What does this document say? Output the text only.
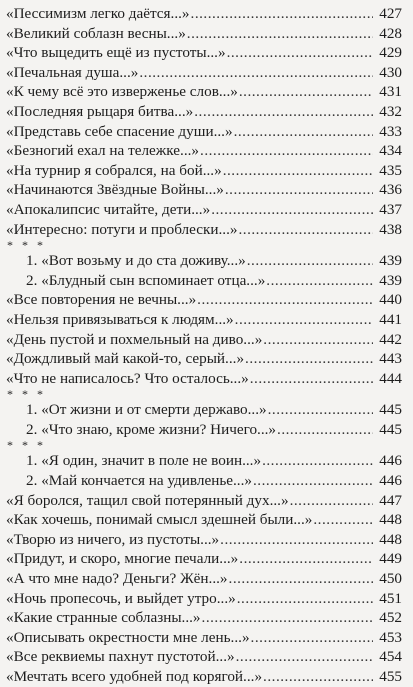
«Пессимизм легко даётся...» .....	427
«Великий соблазн весны...» .....	428
«Что выцедить ещё из пустоты...» .....	429
«Печальная душа...» .....	430
«К чему всё это изверженье слов...» .....	431
«Последняя рыцаря битва...» .....	432
«Представь себе спасение души...» .....	433
«Безногий ехал на тележке...» .....	434
«На турнир я собрался, на бой...» .....	435
«Начинаются Звёздные Войны...» .....	436
«Апокалипсис читайте, дети...» .....	437
«Интересно: потуги и проблески...» .....	438
* * *
1. «Вот возьму и до ста доживу...» .....	439
2. «Блудный сын вспоминает отца...» .....	439
«Все повторения не вечны...» .....	440
«Нельзя привязываться к людям...» .....	441
«День пустой и похмельный на диво...» .....	442
«Дождливый май какой-то, серый...» .....	443
«Что не написалось? Что осталось...» .....	444
* * *
1. «От жизни и от смерти державо...» .....	445
2. «Что знаю, кроме жизни? Ничего...» .....	445
* * *
1. «Я один, значит в поле не воин...» .....	446
2. «Май кончается на удивленье...» .....	446
«Я боролся, тащил свой потерянный дух...» .....	447
«Как хочешь, понимай смысл здешней были...» .....	448
«Творю из ничего, из пустоты...» .....	448
«Придут, и скоро, многие печали...» .....	449
«А что мне надо? Деньги? Жён...» .....	450
«Ночь пропесочь, и выйдет утро...» .....	451
«Какие странные соблазны...» .....	452
«Описывать окрестности мне лень...» .....	453
«Все реквиемы пахнут пустотой...» .....	454
«Мечтать всего удобней под корягой...» .....	455
